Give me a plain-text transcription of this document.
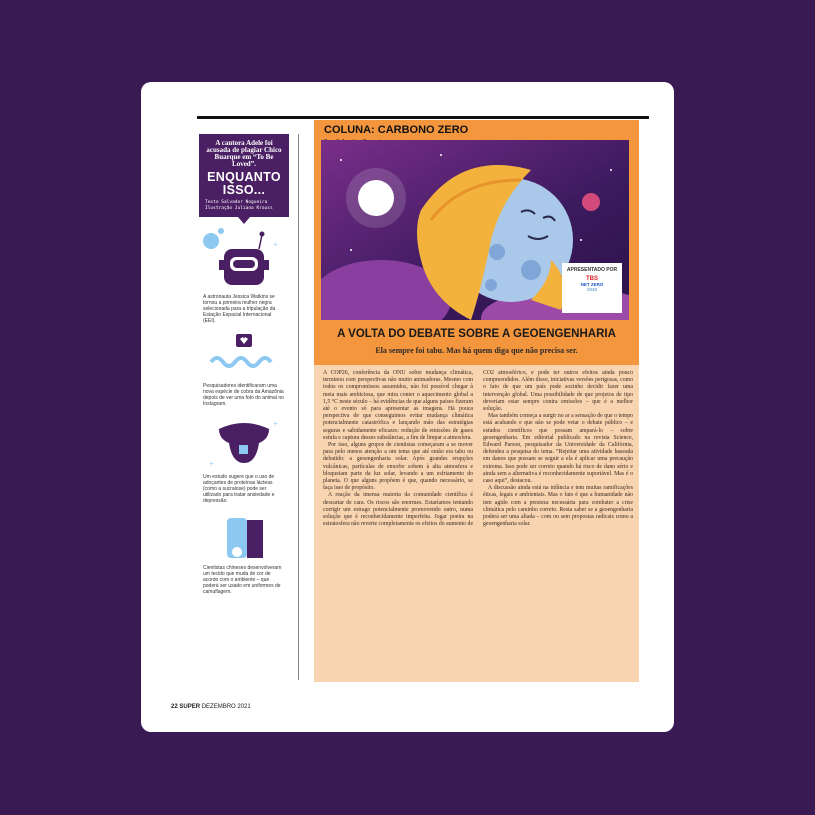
A cantora Adele foi acusada de plagiar Chico Buarque em “To Be Loved”.
ENQUANTO ISSO...
Texto Salvador Nogueira
Ilustração Juliana Krauss
+
A astronauta Jessica Watkins se tornou a primeira mulher negra selecionada para a tripulação da Estação Espacial Internacional (EEI).
Pesquisadores identificaram uma nova espécie de cobra da Amazônia depois de ver uma foto do animal no Instagram.
+
+
Um estudo sugere que o uso de adoçantes de proteínas lácteas (como a sucralose) pode ser utilizado para tratar ansiedade e depressão.
Cientistas chineses desenvolveram um tecido que muda de cor de acordo com o ambiente – que poderá ser usado em uniformes de camuflagem.
COLUNA: CARBONO ZERO
APRESENTADO POR
TBS
NET ZERO
2040
A VOLTA DO DEBATE SOBRE A GEOENGENHARIA
Ela sempre foi tabu. Mas há quem diga que não precisa ser.

A COP26, conferência da ONU sobre mudança climática, terminou com perspectivas não muito animadoras. Mesmo com todos os compromissos assumidos, não foi possível chegar à meta mais ambiciosa, que mira conter o aquecimento global a 1,5 °C neste século – há evidências de que alguns países fizeram até o evento só para apresentar as imagens. Há pouca perspectiva de que conseguimos evitar mudança climática potencialmente catastrófica e lançando mão das estratégias seguras e sabidamente eficazes: redução de emissões de gases estufa e captura desses substâncias, a fim de limpar a atmosfera.

Por isso, alguns grupos de cientistas começaram a se mover para pelo menos atenção a um tema que até então era tabu ou debatido: a geoengenharia solar. Após grandes erupções vulcânicas, partículas de enxofre sobem à alta atmosfera e bloqueiam parte da luz solar, levando a um esfriamento do planeta. O que alguns propõem é que, quando necessário, se faça isso de propósito.

A reação da imensa maioria da comunidade científica é descartar de cara. Os riscos são enormes. Estaríamos tentando corrigir um estrago potencialmente promovendo outro, numa solução que é reconhecidamente imperfeita. Jogar poeira na estratosfera não reverte completamente os efeitos do aumento de CO2 atmosférico, e pode ter outros efeitos ainda pouco compreendidos. Além disso, iniciativas versões perigosas, como o fato de que um país pode sozinho decidir fazer uma intervenção global. Uma possibilidade de que projetos de tipo deveriam estar sempre contra emissões – que é a melhor solução.

Mas também começa a surgir no ar a sensação de que o tempo está acabando e que não se pode vetar o debate público – e estudos científicos que possam ampará-lo – sobre geoengenharia. Em editorial publicado na revista Science, Edward Parson, pesquisador da Universidade da Califórnia, defendeu a pesquisa do tema. “Rejeitar uma atividade baseada em danos que possam se seguir a ela é aplicar uma precaução extrema. Isso pode ser correto quando há risco de dano sério e ainda sem a alternativa é reconhecidamente suportável. Mas é o caso aqui”, destacou.

A discussão ainda está na infância e tem muitas ramificações éticas, legais e ambientais. Mas o fato é que a humanidade não tem agido com a presteza necessária para combater a crise climática pelo caminho correto. Resta saber se a geoengenharia poderá ser uma aliada – com ou sem propostas radicais como a geoengenharia solar.

22 SUPER DEZEMBRO 2021
